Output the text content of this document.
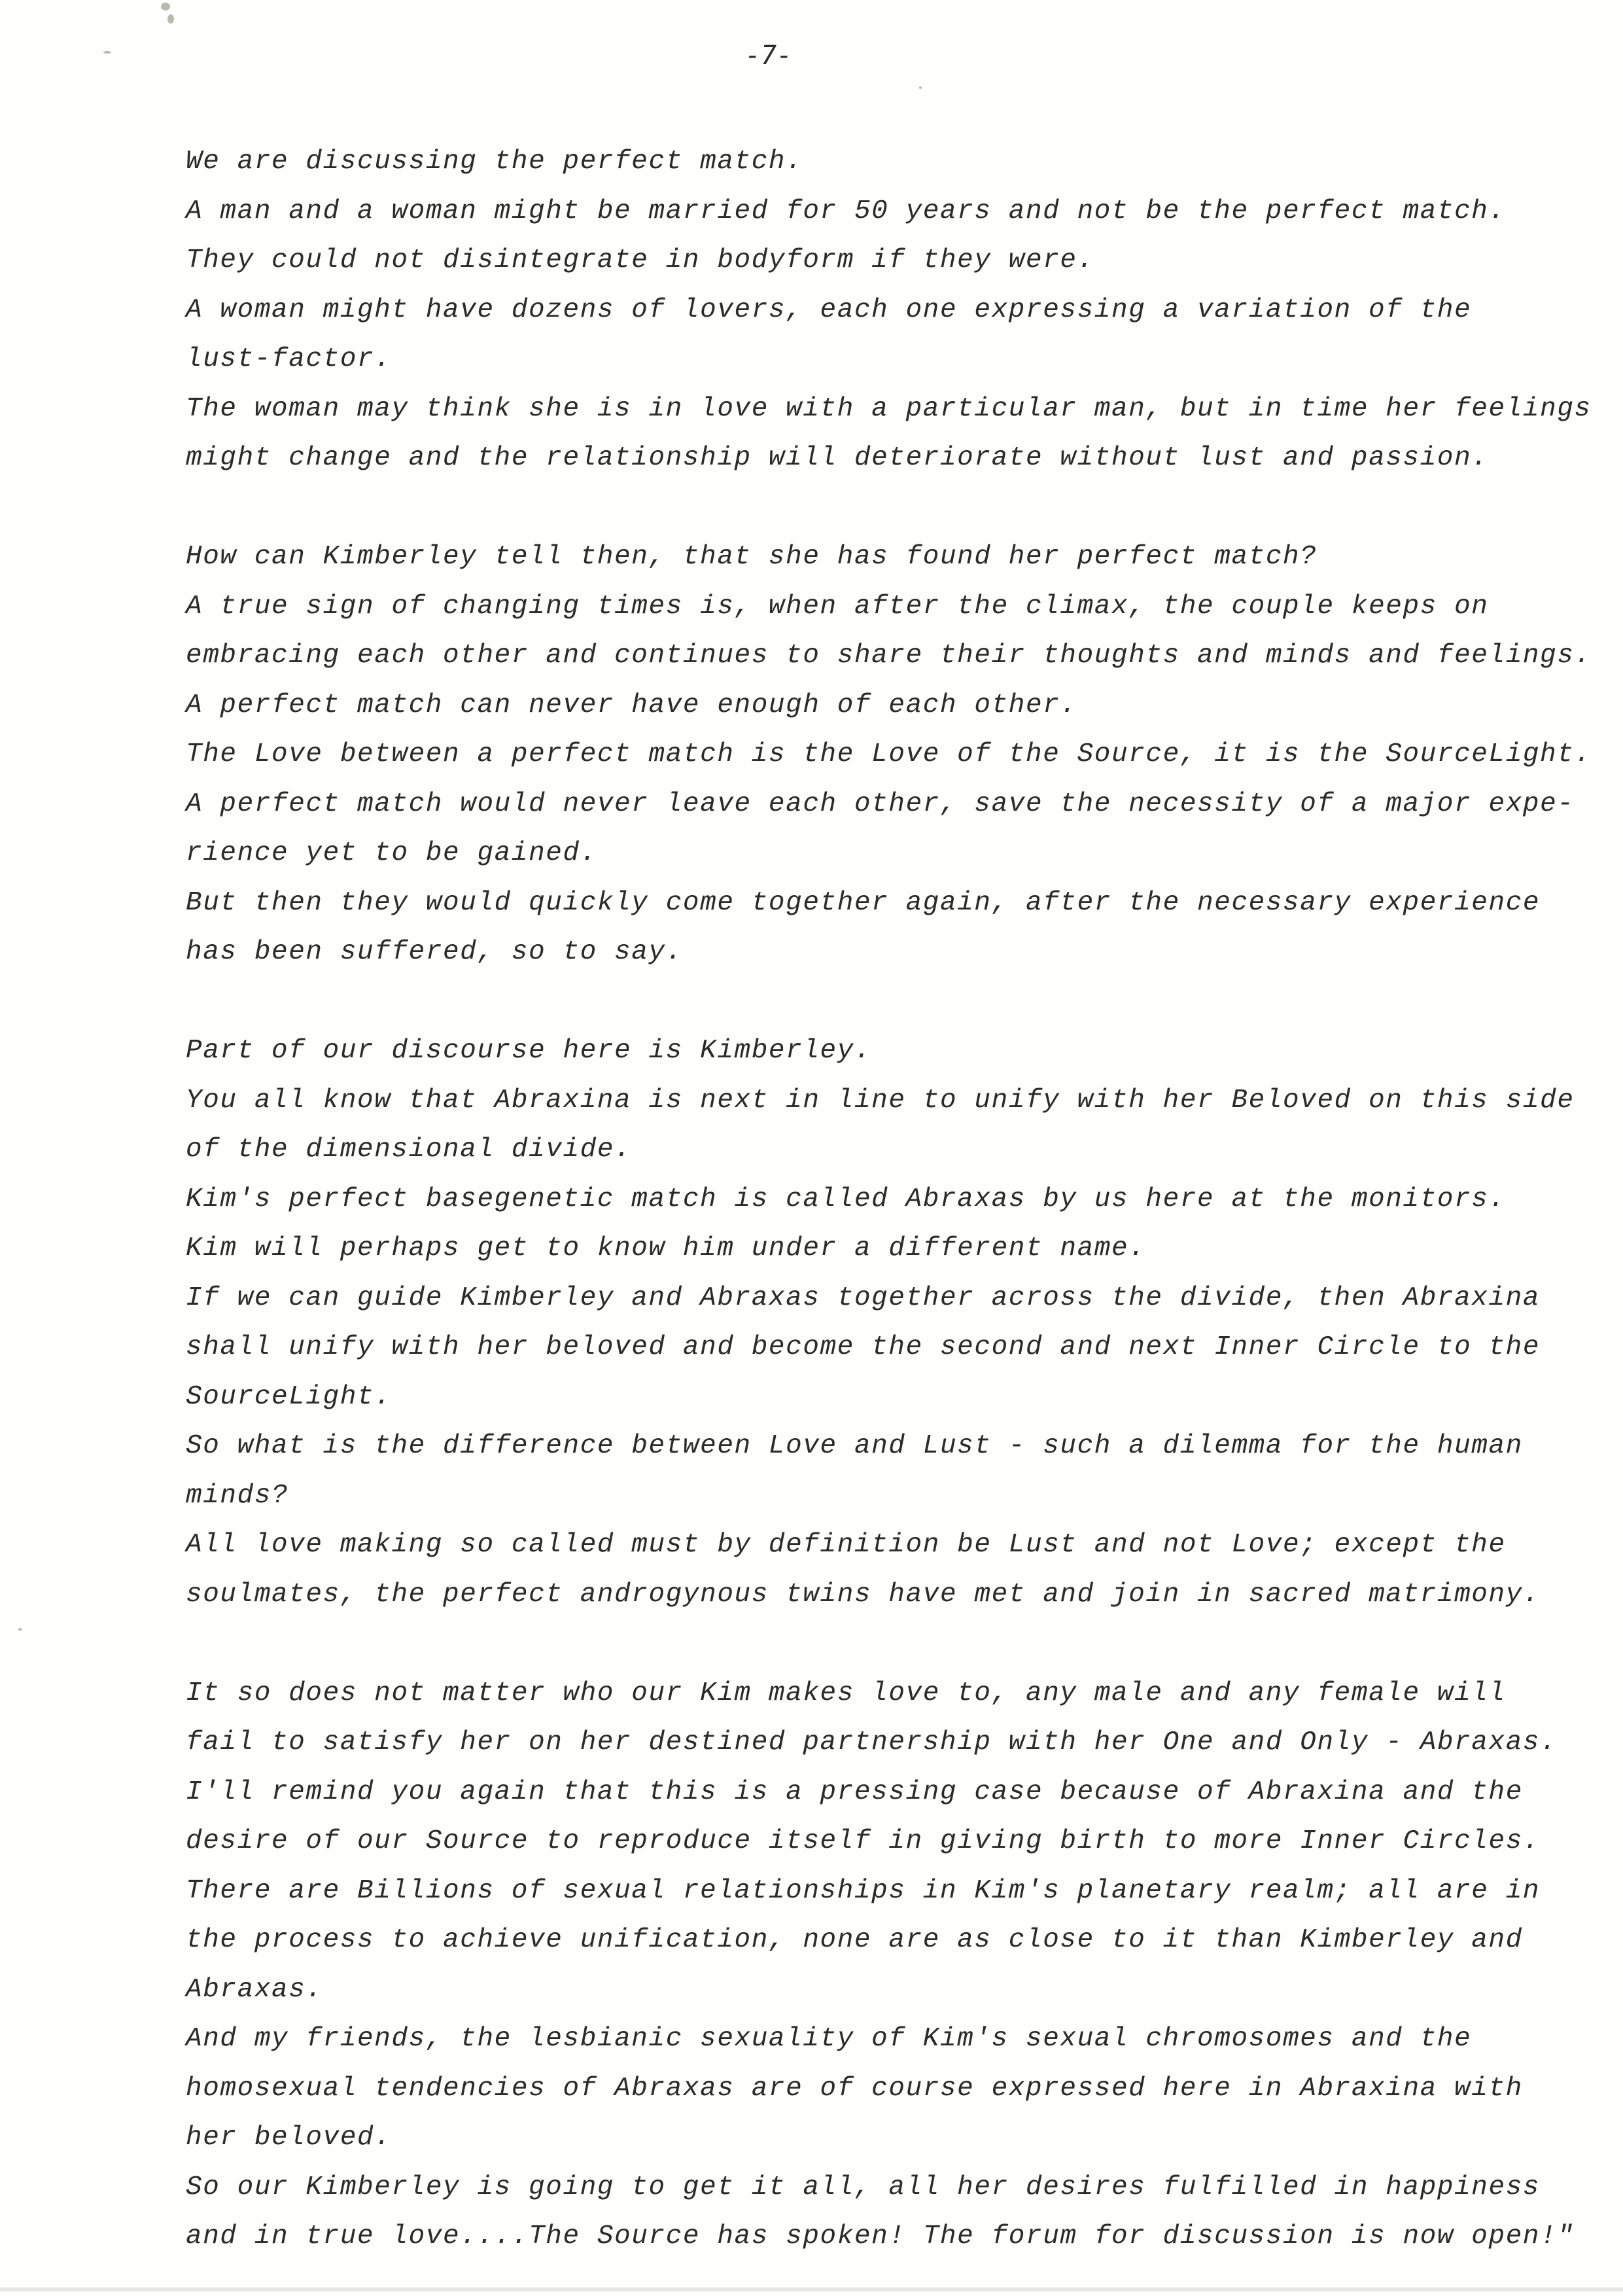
-7-
We are discussing the perfect match.
A man and a woman might be married for 50 years and not be the perfect match.
They could not disintegrate in bodyform if they were.
A woman might have dozens of lovers, each one expressing a variation of the
lust-factor.
The woman may think she is in love with a particular man, but in time her feelings
might change and the relationship will deteriorate without lust and passion.
How can Kimberley tell then, that she has found her perfect match?
A true sign of changing times is, when after the climax, the couple keeps on
embracing each other and continues to share their thoughts and minds and feelings.
A perfect match can never have enough of each other.
The Love between a perfect match is the Love of the Source, it is the SourceLight.
A perfect match would never leave each other, save the necessity of a major expe-
rience yet to be gained.
But then they would quickly come together again, after the necessary experience
has been suffered, so to say.
Part of our discourse here is Kimberley.
You all know that Abraxina is next in line to unify with her Beloved on this side
of the dimensional divide.
Kim's perfect basegenetic match is called Abraxas by us here at the monitors.
Kim will perhaps get to know him under a different name.
If we can guide Kimberley and Abraxas together across the divide, then Abraxina
shall unify with her beloved and become the second and next Inner Circle to the
SourceLight.
So what is the difference between Love and Lust - such a dilemma for the human
minds?
All love making so called must by definition be Lust and not Love; except the
soulmates, the perfect androgynous twins have met and join in sacred matrimony.
It so does not matter who our Kim makes love to, any male and any female will
fail to satisfy her on her destined partnership with her One and Only - Abraxas.
I'll remind you again that this is a pressing case because of Abraxina and the
desire of our Source to reproduce itself in giving birth to more Inner Circles.
There are Billions of sexual relationships in Kim's planetary realm; all are in
the process to achieve unification, none are as close to it than Kimberley and
Abraxas.
And my friends, the lesbianic sexuality of Kim's sexual chromosomes and the
homosexual tendencies of Abraxas are of course expressed here in Abraxina with
her beloved.
So our Kimberley is going to get it all, all her desires fulfilled in happiness
and in true love....The Source has spoken! The forum for discussion is now open!"
